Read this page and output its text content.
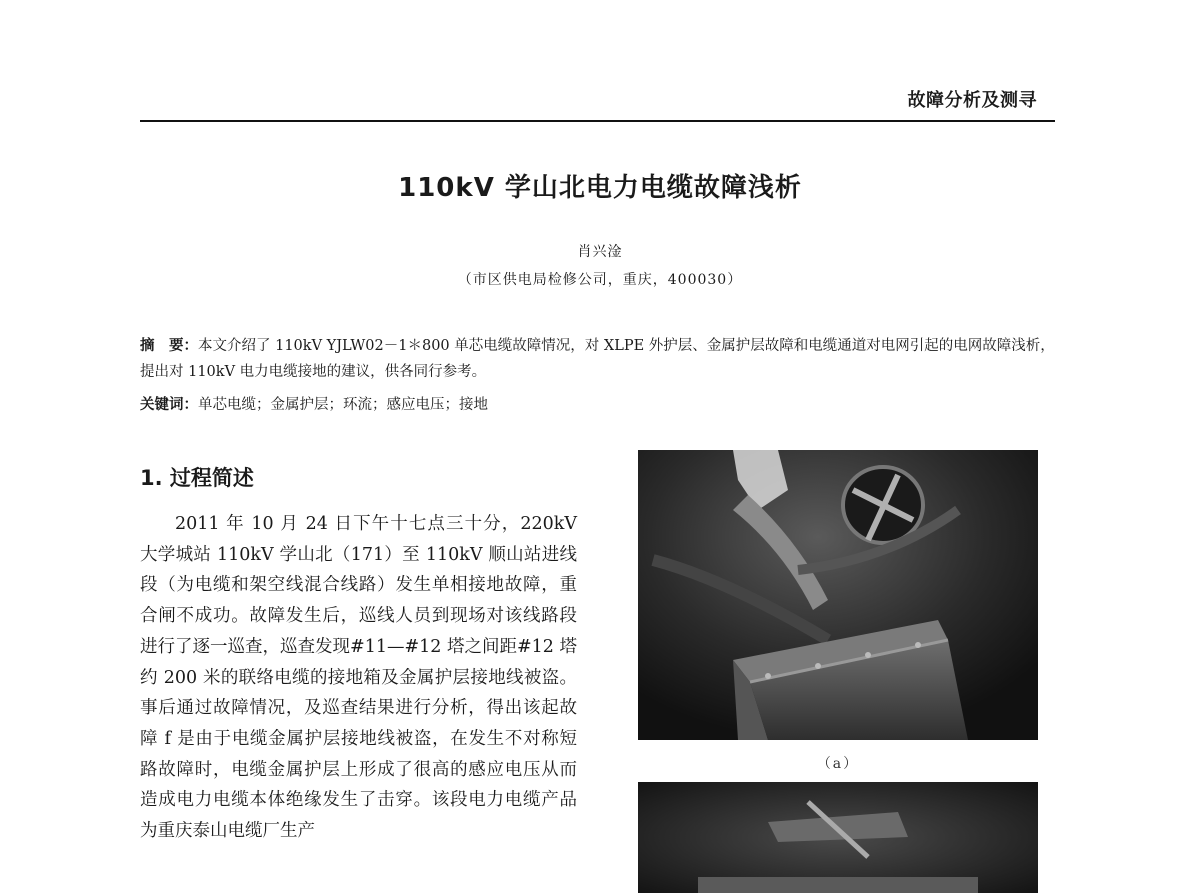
故障分析及测寻
110kV 学山北电力电缆故障浅析
肖兴淦
（市区供电局检修公司，重庆，400030）
摘　要：本文介绍了 110kV YJLW02－1＊800 单芯电缆故障情况，对 XLPE 外护层、金属护层故障和电缆通道对电网引起的电网故障浅析，提出对 110kV 电力电缆接地的建议，供各同行参考。
关键词：单芯电缆；金属护层；环流；感应电压；接地
1. 过程简述
2011 年 10 月 24 日下午十七点三十分，220kV 大学城站 110kV 学山北（171）至 110kV 顺山站进线段（为电缆和架空线混合线路）发生单相接地故障，重合闸不成功。故障发生后，巡线人员到现场对该线路段进行了逐一巡查，巡查发现#11—#12 塔之间距#12 塔约 200 米的联络电缆的接地箱及金属护层接地线被盗。事后通过故障情况，及巡查结果进行分析，得出该起故障 f 是由于电缆金属护层接地线被盗，在发生不对称短路故障时，电缆金属护层上形成了很高的感应电压从而造成电力电缆本体绝缘发生了击穿。该段电力电缆产品为重庆泰山电缆厂生产
（a）
